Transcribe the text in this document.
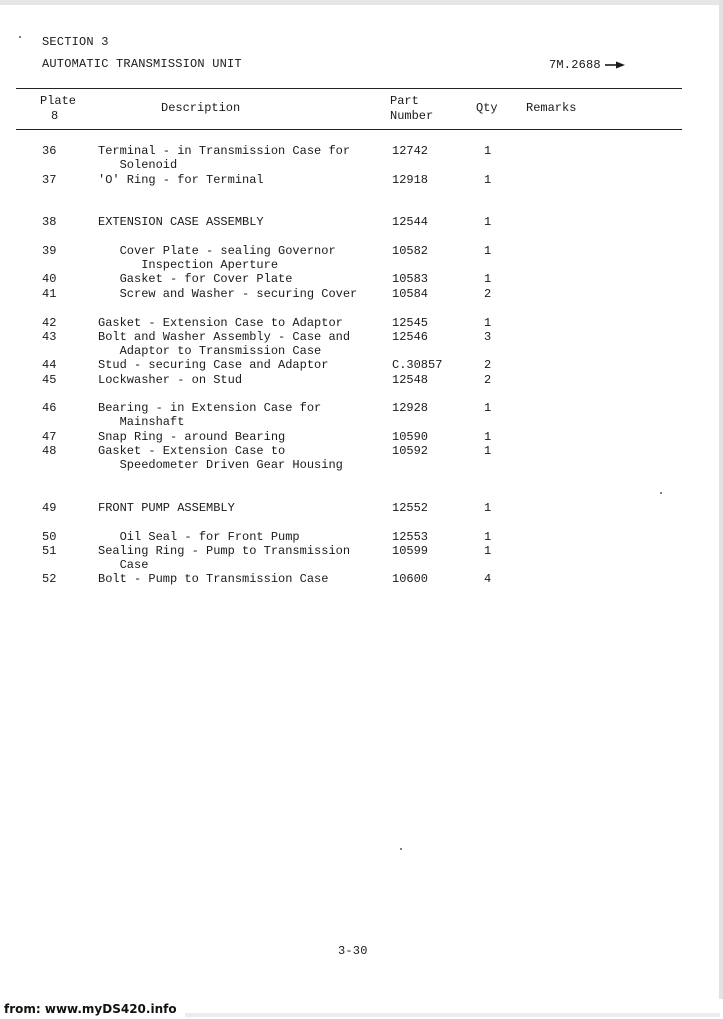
SECTION 3
AUTOMATIC TRANSMISSION UNIT	7M.2688
Plate
8
Description	Part
Number
Qty Remarks
36	Terminal - in Transmission Case for	12742	1
Solenoid
37	'O' Ring - for Terminal	12918	1
38	EXTENSION CASE ASSEMBLY	12544	1
39	Cover Plate - sealing Governor	10582	1
Inspection Aperture
40	Gasket - for Cover Plate	10583	1
41	Screw and Washer - securing Cover	10584	2
42	Gasket - Extension Case to Adaptor	12545	1
43	Bolt and Washer Assembly - Case and	12546	3
Adaptor to Transmission Case
44	Stud - securing Case and Adaptor	C.30857	2
45	Lockwasher - on Stud	12548	2
46	Bearing - in Extension Case for	12928	1
Mainshaft
47	Snap Ring - around Bearing	10590	1
48	Gasket - Extension Case to	10592	1
Speedometer Driven Gear Housing
49	FRONT PUMP ASSEMBLY	12552	1
50	Oil Seal - for Front Pump	12553	1
51	Sealing Ring - Pump to Transmission	10599	1
Case
52	Bolt - Pump to Transmission Case	10600	4
3-30
from: www.myDS420.info
